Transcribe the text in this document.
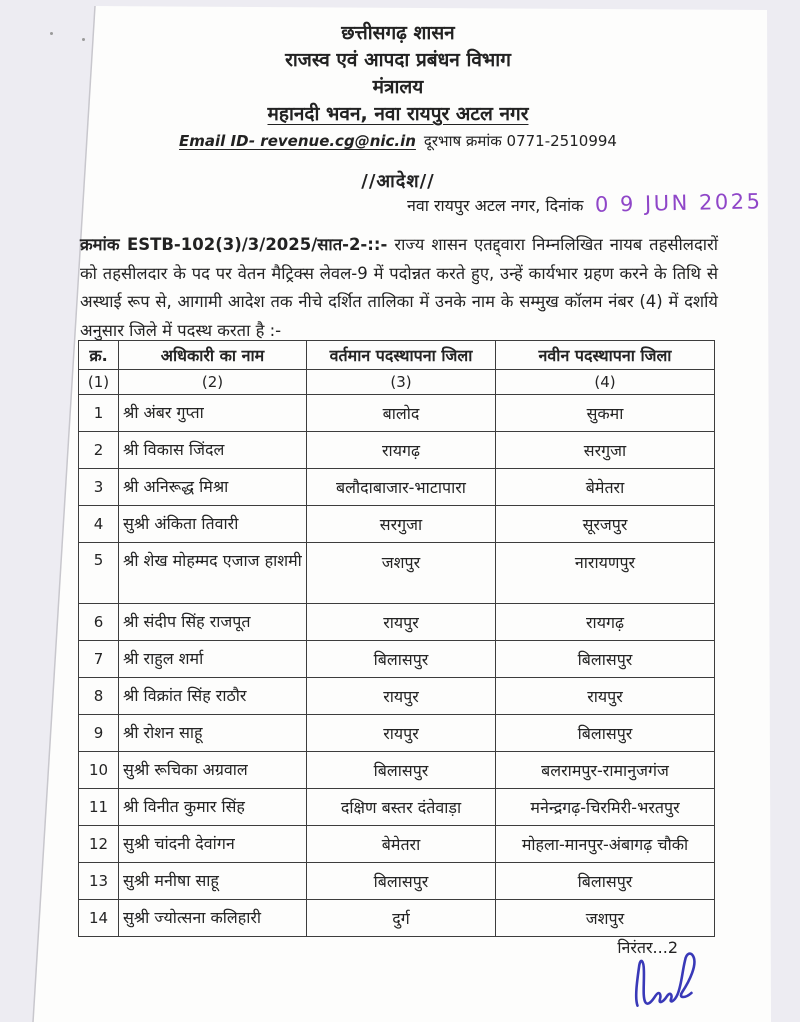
छत्तीसगढ़ शासन
राजस्व एवं आपदा प्रबंधन विभाग
मंत्रालय
महानदी भवन, नवा रायपुर अटल नगर
Email ID- revenue.cg@nic.in दूरभाष क्रमांक 0771-2510994
//आदेश//
नवा रायपुर अटल नगर, दिनांक 0 9 JUN 2025
क्रमांक ESTB-102(3)/3/2025/सात-2-::- राज्य शासन एतद्द्वारा निम्नलिखित नायब तहसीलदारों को तहसीलदार के पद पर वेतन मैट्रिक्स लेवल-9 में पदोन्नत करते हुए, उन्हें कार्यभार ग्रहण करने के तिथि से अस्थाई रूप से, आगामी आदेश तक नीचे दर्शित तालिका में उनके नाम के सम्मुख कॉलम नंबर (4) में दर्शाये अनुसार जिले में पदस्थ करता है :-
क्र.	अधिकारी का नाम	वर्तमान पदस्थापना जिला	नवीन पदस्थापना जिला
(1)	(2)	(3)	(4)
1	श्री अंबर गुप्ता	बालोद	सुकमा
2	श्री विकास जिंदल	रायगढ़	सरगुजा
3	श्री अनिरूद्ध मिश्रा	बलौदाबाजार-भाटापारा	बेमेतरा
4	सुश्री अंकिता तिवारी	सरगुजा	सूरजपुर
5	श्री शेख मोहम्मद एजाज हाशमी	जशपुर	नारायणपुर
6	श्री संदीप सिंह राजपूत	रायपुर	रायगढ़
7	श्री राहुल शर्मा	बिलासपुर	बिलासपुर
8	श्री विक्रांत सिंह राठौर	रायपुर	रायपुर
9	श्री रोशन साहू	रायपुर	बिलासपुर
10	सुश्री रूचिका अग्रवाल	बिलासपुर	बलरामपुर-रामानुजगंज
11	श्री विनीत कुमार सिंह	दक्षिण बस्तर दंतेवाड़ा	मनेन्द्रगढ़-चिरमिरी-भरतपुर
12	सुश्री चांदनी देवांगन	बेमेतरा	मोहला-मानपुर-अंबागढ़ चौकी
13	सुश्री मनीषा साहू	बिलासपुर	बिलासपुर
14	सुश्री ज्योत्सना कलिहारी	दुर्ग	जशपुर
निरंतर...2
